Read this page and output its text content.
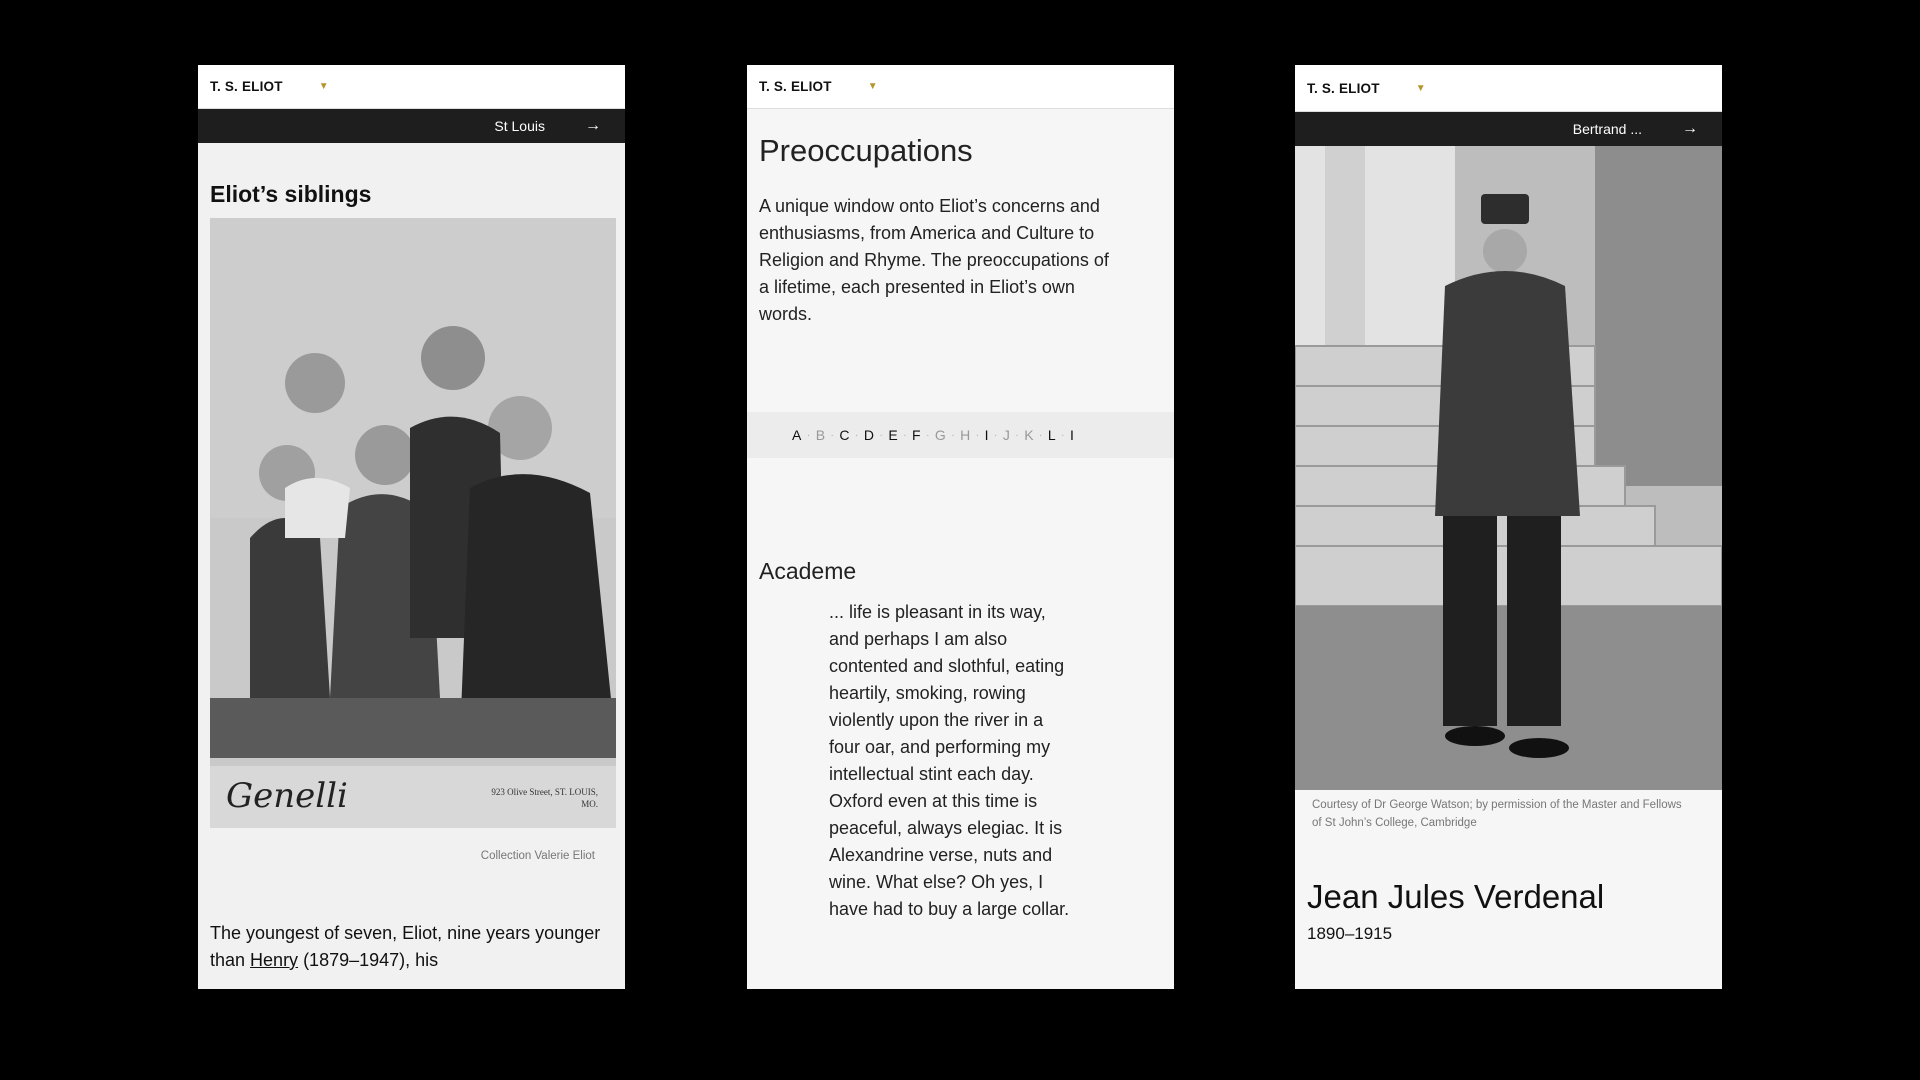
T. S. ELIOT	▼
St Louis	→
Eliot’s siblings
Genelli	923 Olive Street, ST. LOUIS, MO.
Collection Valerie Eliot
The youngest of seven, Eliot, nine years younger than Henry (1879–1947), his
T. S. ELIOT	▼
Preoccupations
A unique window onto Eliot’s concerns and enthusiasms, from America and Culture to Religion and Rhyme. The preoccupations of a lifetime, each presented in Eliot’s own words.
A · B · C · D · E · F · G · H · I · J · K · L · I
Academe
... life is pleasant in its way, and perhaps I am also contented and slothful, eating heartily, smoking, rowing violently upon the river in a four oar, and performing my intellectual stint each day. Oxford even at this time is peaceful, always elegiac. It is Alexandrine verse, nuts and wine. What else? Oh yes, I have had to buy a large collar.
T. S. ELIOT	▼
Bertrand ...	→
Courtesy of Dr George Watson; by permission of the Master and Fellows of St John’s College, Cambridge
Jean Jules Verdenal
1890–1915
